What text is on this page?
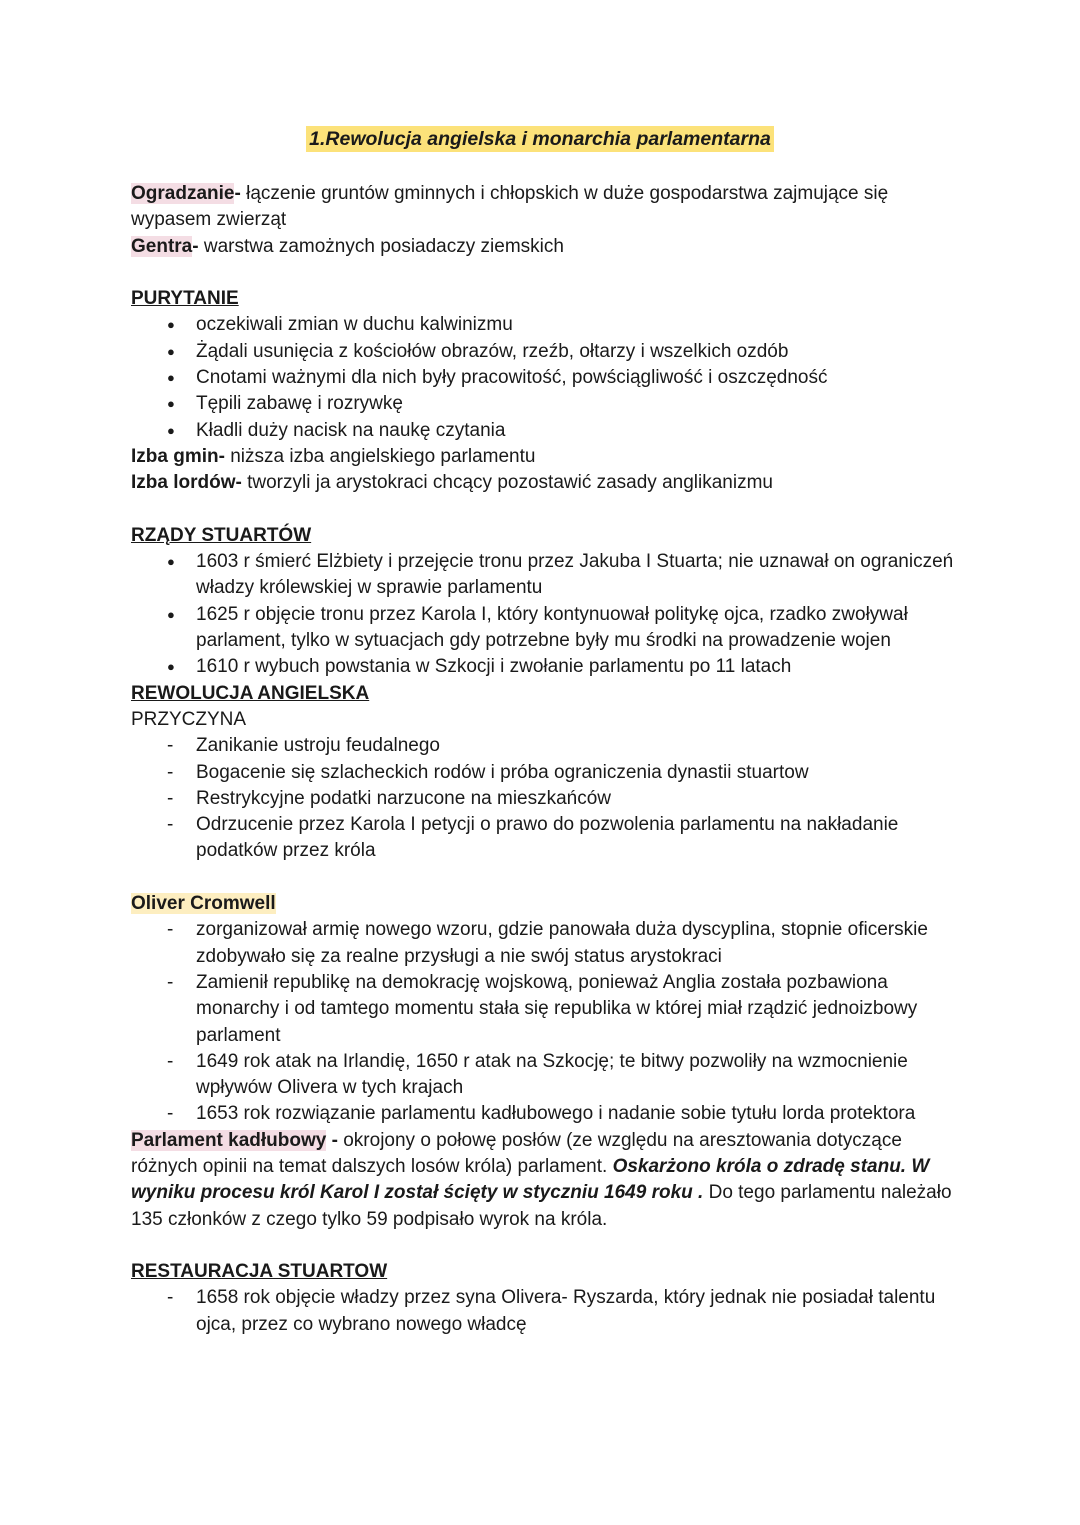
1.Rewolucja angielska i monarchia parlamentarna

Ogradzanie- łączenie gruntów gminnych i chłopskich w duże gospodarstwa zajmujące się wypasem zwierząt

Gentra- warstwa zamożnych posiadaczy ziemskich

PURYTANIE

● oczekiwali zmian w duchu kalwinizmu
● Żądali usunięcia z kościołów obrazów, rzeźb, ołtarzy i wszelkich ozdób
● Cnotami ważnymi dla nich były pracowitość, powściągliwość i oszczędność
● Tępili zabawę i rozrywkę
● Kładli duży nacisk na naukę czytania

Izba gmin- niższa izba angielskiego parlamentu

Izba lordów- tworzyli ja arystokraci chcący pozostawić zasady anglikanizmu

RZĄDY STUARTÓW

● 1603 r śmierć Elżbiety i przejęcie tronu przez Jakuba I Stuarta; nie uznawał on ograniczeń władzy królewskiej w sprawie parlamentu
● 1625 r objęcie tronu przez Karola I, który kontynuował politykę ojca, rzadko zwoływał parlament, tylko w sytuacjach gdy potrzebne były mu środki na prowadzenie wojen
● 1610 r wybuch powstania w Szkocji i zwołanie parlamentu po 11 latach

REWOLUCJA ANGIELSKA

PRZYCZYNA

- Zanikanie ustroju feudalnego
- Bogacenie się szlacheckich rodów i próba ograniczenia dynastii stuartow
- Restrykcyjne podatki narzucone na mieszkańców
- Odrzucenie przez Karola I petycji o prawo do pozwolenia parlamentu na nakładanie podatków przez króla

Oliver Cromwell

- zorganizował armię nowego wzoru, gdzie panowała duża dyscyplina, stopnie oficerskie zdobywało się za realne przysługi a nie swój status arystokraci
- Zamienił republikę na demokrację wojskową, ponieważ Anglia została pozbawiona monarchy i od tamtego momentu stała się republika w której miał rządzić jednoizbowy parlament
- 1649 rok atak na Irlandię, 1650 r atak na Szkocję; te bitwy pozwoliły na wzmocnienie wpływów Olivera w tych krajach
- 1653 rok rozwiązanie parlamentu kadłubowego i nadanie sobie tytułu lorda protektora

Parlament kadłubowy - okrojony o połowę posłów (ze względu na aresztowania dotyczące różnych opinii na temat dalszych losów króla) parlament. Oskarżono króla o zdradę stanu. W wyniku procesu król Karol I został ścięty w styczniu 1649 roku . Do tego parlamentu należało 135 członków z czego tylko 59 podpisało wyrok na króla.

RESTAURACJA STUARTOW

- 1658 rok objęcie władzy przez syna Olivera- Ryszarda, który jednak nie posiadał talentu ojca, przez co wybrano nowego władcę
